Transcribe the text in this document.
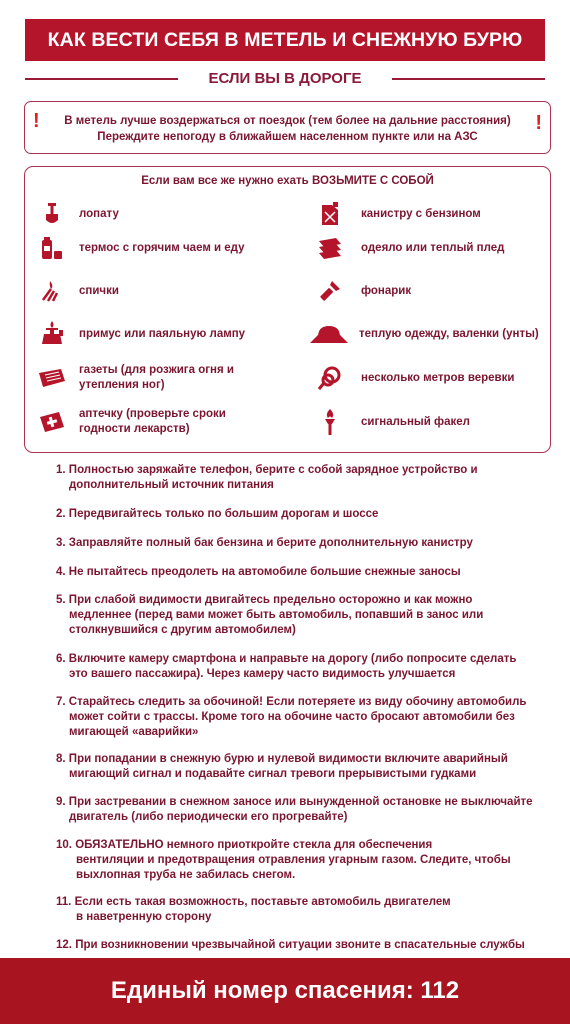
КАК ВЕСТИ СЕБЯ В МЕТЕЛЬ И СНЕЖНУЮ БУРЮ
ЕСЛИ ВЫ В ДОРОГЕ
!	В метель лучше воздержаться от поездок (тем более на дальние расстояния)
Переждите непогоду в ближайшем населенном пункте или на АЗС
!
Если вам все же нужно ехать ВОЗЬМИТЕ С СОБОЙ
лопату
термос с горячим чаем и еду
спички
примус или паяльную лампу
газеты (для розжига огня и утепления ног)
аптечку (проверьте сроки годности лекарств)
канистру с бензином
одеяло или теплый плед
фонарик
теплую одежду, валенки (унты)
несколько метров веревки
сигнальный факел
1. Полностью заряжайте телефон, берите с собой зарядное устройство и
дополнительный источник питания
2. Передвигайтесь только по большим дорогам и шоссе
3. Заправляйте полный бак бензина и берите дополнительную канистру
4. Не пытайтесь преодолеть на автомобиле большие снежные заносы
5. При слабой видимости двигайтесь предельно осторожно и как можно
медленнее (перед вами может быть автомобиль, попавший в занос или
столкнувшийся с другим автомобилем)
6. Включите камеру смартфона и направьте на дорогу (либо попросите сделать
это вашего пассажира). Через камеру часто видимость улучшается
7. Старайтесь следить за обочиной! Если потеряете из виду обочину автомобиль
может сойти с трассы. Кроме того на обочине часто бросают автомобили без
мигающей «аварийки»
8. При попадании в снежную бурю и нулевой видимости включите аварийный
мигающий сигнал и подавайте сигнал тревоги прерывистыми гудками
9. При застревании в снежном заносе или вынужденной остановке не выключайте
двигатель (либо периодически его прогревайте)
10. ОБЯЗАТЕЛЬНО немного приоткройте стекла для обеспечения
вентиляции и предотвращения отравления угарным газом. Следите, чтобы
выхлопная труба не забилась снегом.
11. Если есть такая возможность, поставьте автомобиль двигателем
в наветренную сторону
12. При возникновении чрезвычайной ситуации звоните в спасательные службы
Единый номер спасения: 112
